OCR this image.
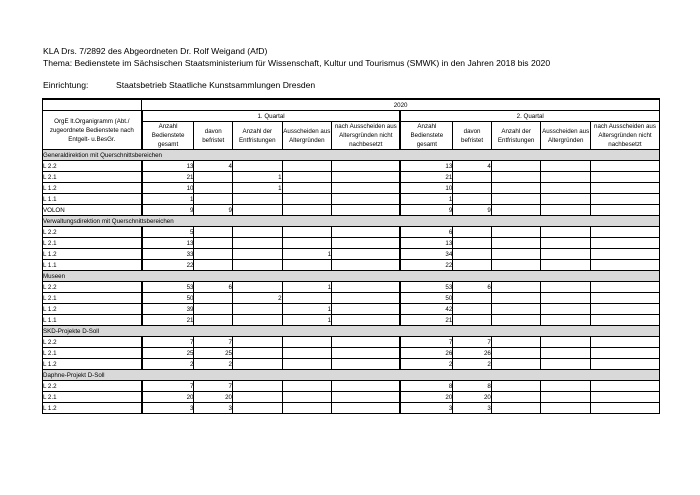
KLA Drs. 7/2892 des Abgeordneten Dr. Rolf Weigand (AfD)
Thema: Bedienstete im Sächsischen Staatsministerium für Wissenschaft, Kultur und Tourismus (SMWK) in den Jahren 2018 bis 2020
Einrichtung:	Staatsbetrieb Staatliche Kunstsammlungen Dresden
	2020									
OrgE lt.Organigramm (Abt./ zugeordnete Bedienstete nach Entgelt- u.BesGr.	1. Quartal					2. Quartal				
	Anzahl Bedienstete gesamt	davon befristet	Anzahl der Entfristungen	Ausscheiden aus Altergründen	nach Ausscheiden aus Altersgründen nicht nachbesetzt	Anzahl Bedienstete gesamt	davon befristet	Anzahl der Entfristungen	Ausscheiden aus Altergründen	nach Ausscheiden aus Altersgründen nicht nachbesetzt
Generaldirektion mit Querschnittsbereichen										
L 2.2	13	4				13	4			
L 2.1	21		1			21				
L 1.2	10		1			10				
L 1.1	1					1				
VOLON	9	9				9	9			
Verwaltungsdirektion mit Querschnittsbereichen										
L 2.2	5					6				
L 2.1	13					13				
L 1.2	33			1		34				
L 1.1	22					22				
Museen										
L 2.2	53	6		1		53	6			
L 2.1	50		2			50				
L 1.2	39			1		42				
L 1.1	21			1		21				
SKD-Projekte D-Soll										
L 2.2	7	7				7	7			
L 2.1	25	25				26	26			
L 1.2	2	2				2	2			
Daphne-Projekt D-Soll										
L 2.2	7	7				8	8			
L 2.1	20	20				20	20			
L 1.2	3	3				3	3			
